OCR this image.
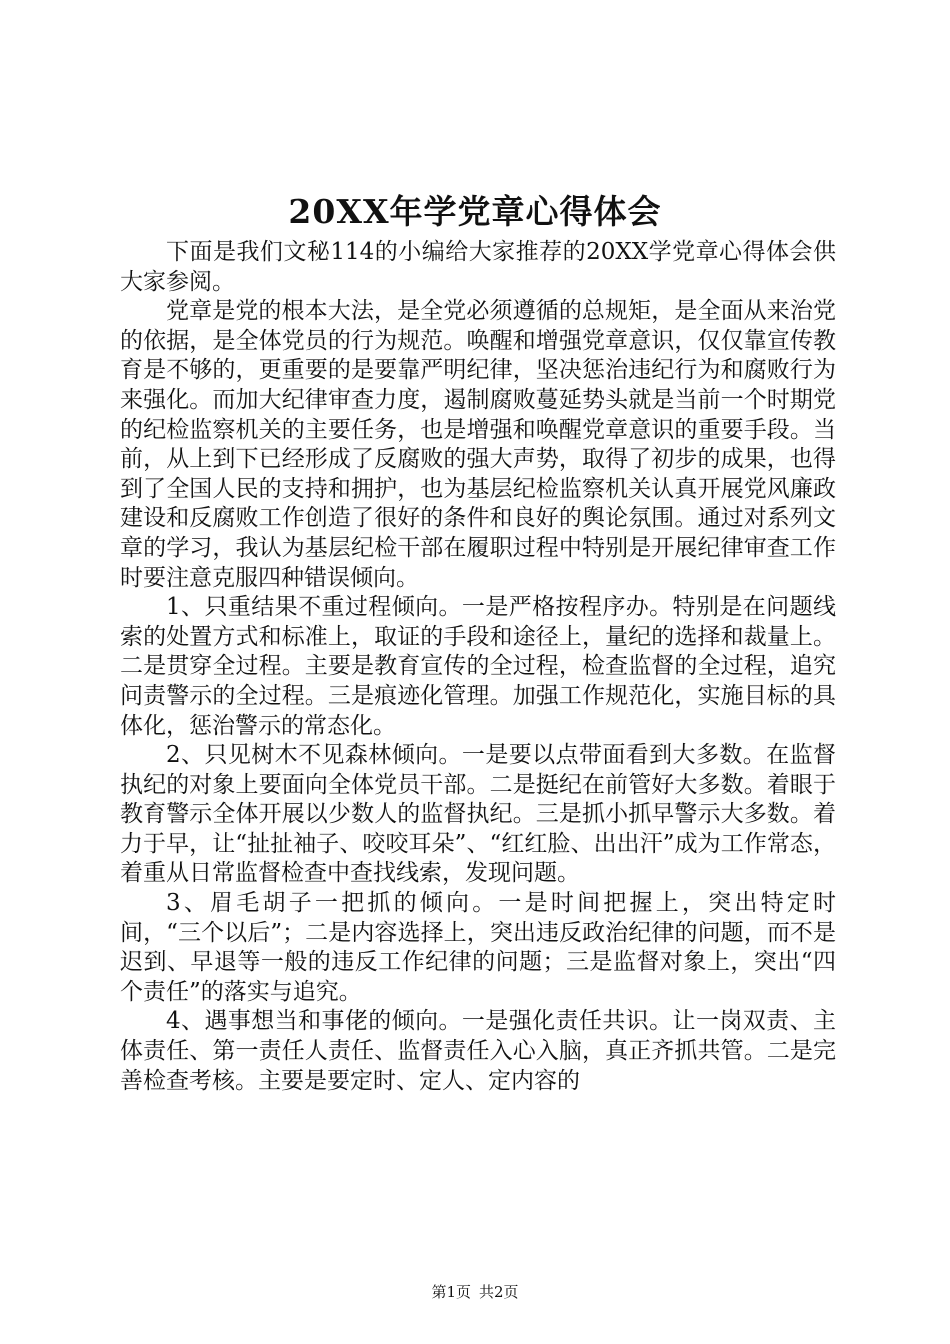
20XX年学党章心得体会

下面是我们文秘114的小编给大家推荐的20XX学党章心得体会供大家参阅。

党章是党的根本大法，是全党必须遵循的总规矩，是全面从来治党的依据，是全体党员的行为规范。唤醒和增强党章意识，仅仅靠宣传教育是不够的，更重要的是要靠严明纪律，坚决惩治违纪行为和腐败行为来强化。而加大纪律审查力度，遏制腐败蔓延势头就是当前一个时期党的纪检监察机关的主要任务，也是增强和唤醒党章意识的重要手段。当前，从上到下已经形成了反腐败的强大声势，取得了初步的成果，也得到了全国人民的支持和拥护，也为基层纪检监察机关认真开展党风廉政建设和反腐败工作创造了很好的条件和良好的舆论氛围。通过对系列文章的学习，我认为基层纪检干部在履职过程中特别是开展纪律审查工作时要注意克服四种错误倾向。

1、只重结果不重过程倾向。一是严格按程序办。特别是在问题线索的处置方式和标准上，取证的手段和途径上，量纪的选择和裁量上。二是贯穿全过程。主要是教育宣传的全过程，检查监督的全过程，追究问责警示的全过程。三是痕迹化管理。加强工作规范化，实施目标的具体化，惩治警示的常态化。

2、只见树木不见森林倾向。一是要以点带面看到大多数。在监督执纪的对象上要面向全体党员干部。二是挺纪在前管好大多数。着眼于教育警示全体开展以少数人的监督执纪。三是抓小抓早警示大多数。着力于早，让“扯扯袖子、咬咬耳朵”、“红红脸、出出汗”成为工作常态，着重从日常监督检查中查找线索，发现问题。

3、眉毛胡子一把抓的倾向。一是时间把握上，突出特定时间，“三个以后”；二是内容选择上，突出违反政治纪律的问题，而不是迟到、早退等一般的违反工作纪律的问题；三是监督对象上，突出“四个责任”的落实与追究。

4、遇事想当和事佬的倾向。一是强化责任共识。让一岗双责、主体责任、第一责任人责任、监督责任入心入脑，真正齐抓共管。二是完善检查考核。主要是要定时、定人、定内容的

第1页 共2页
